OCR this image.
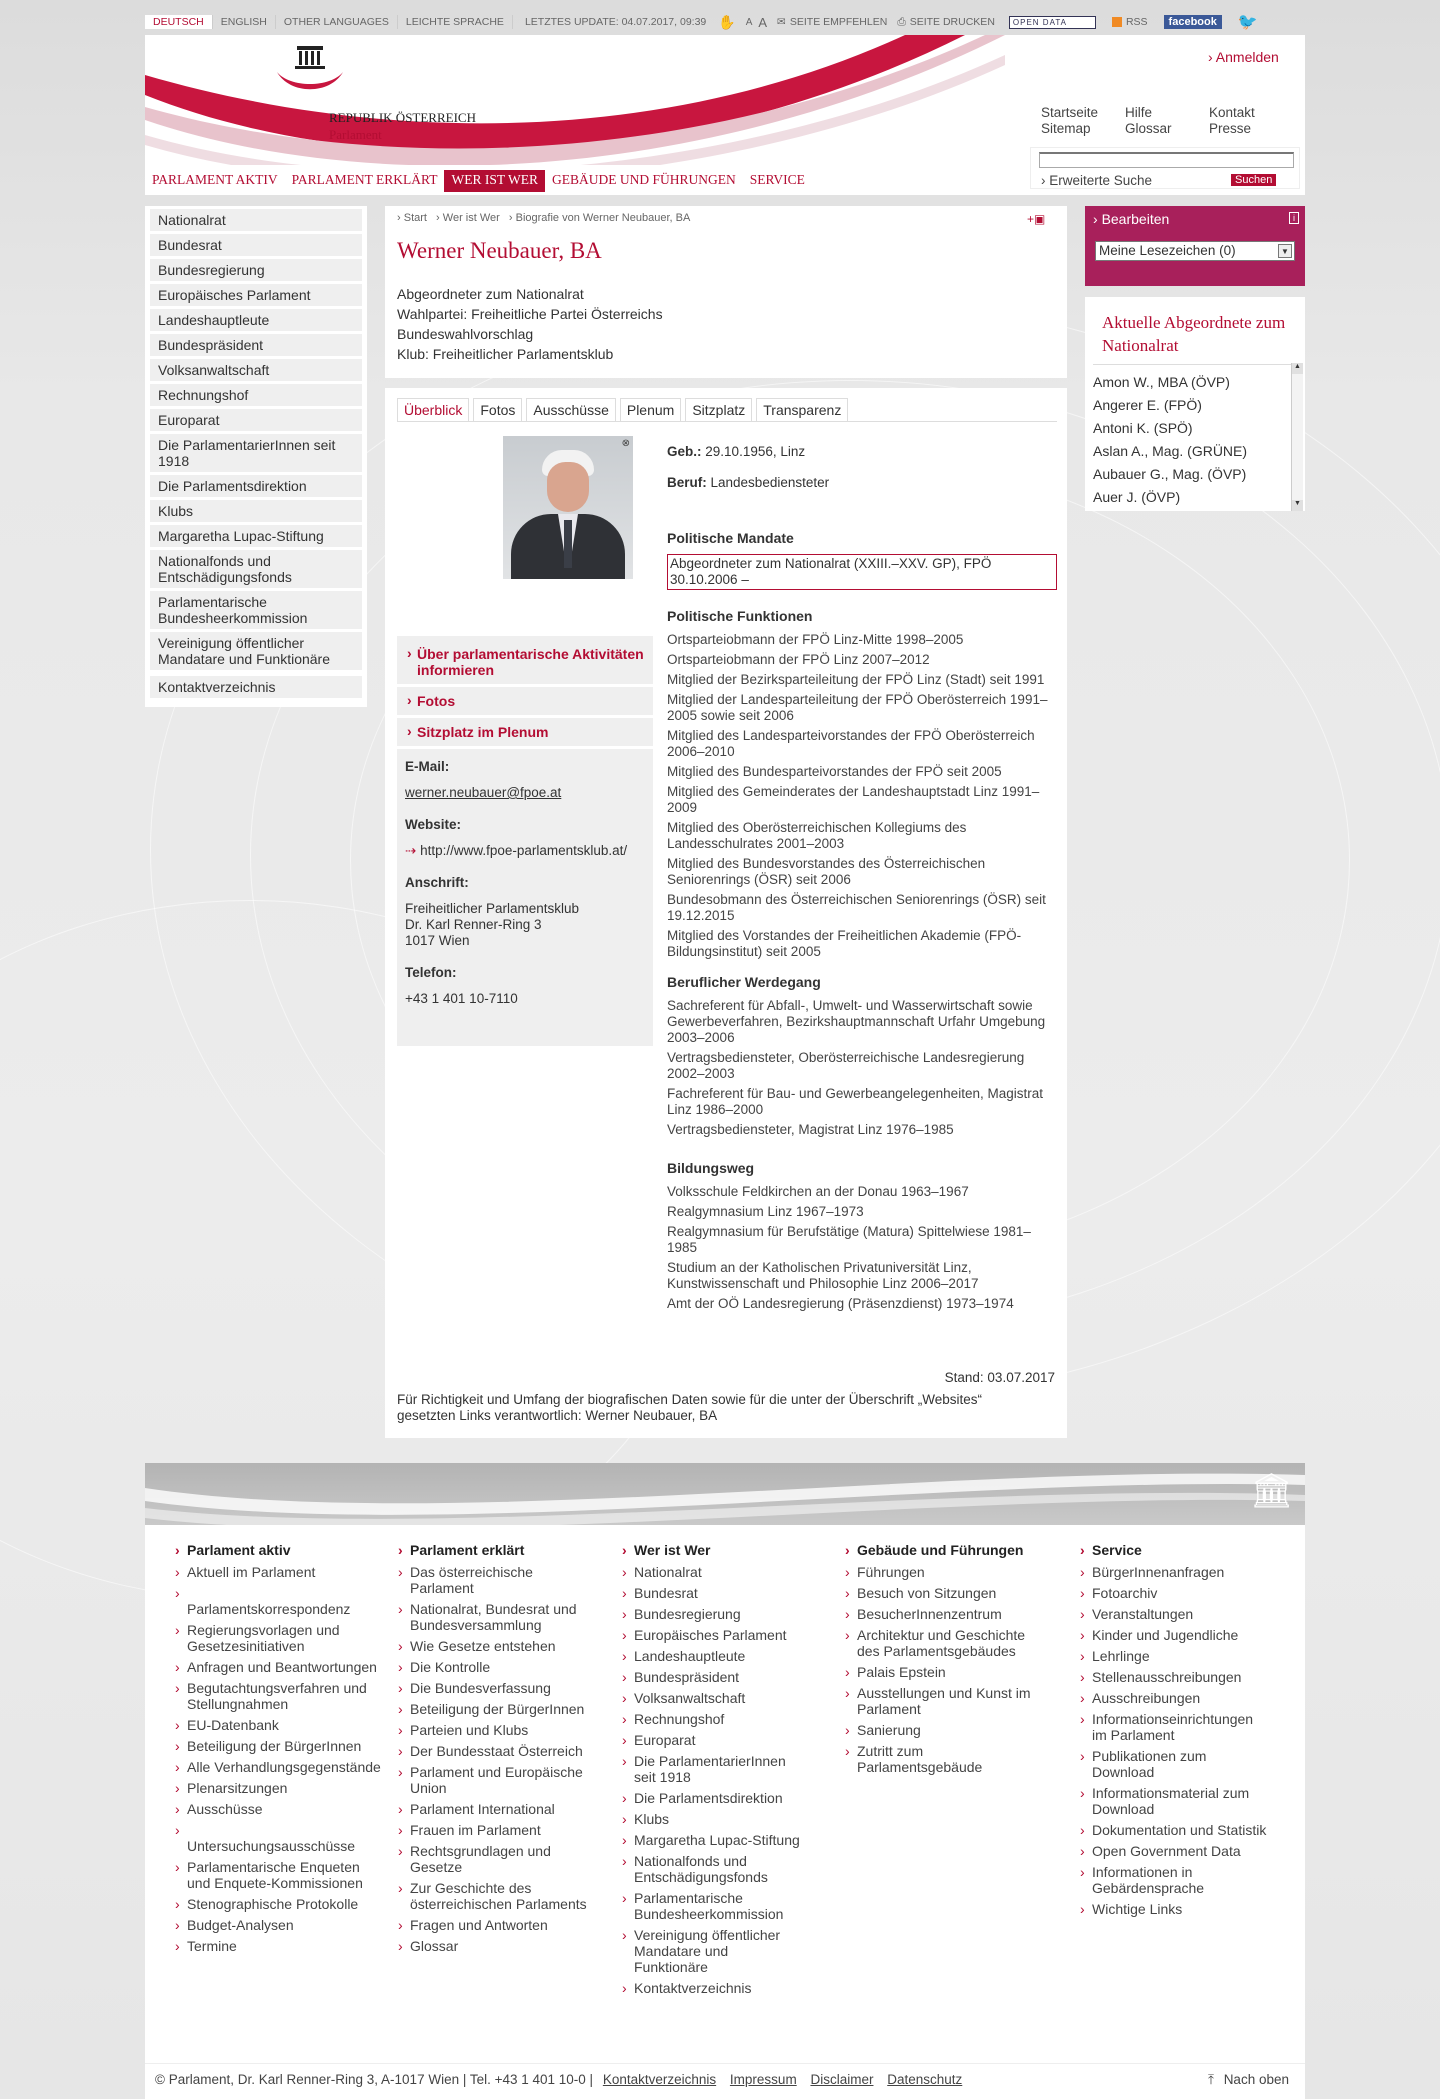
DEUTSCH	ENGLISH	OTHER LANGUAGES	LEICHTE SPRACHE	LETZTES UPDATE: 04.07.2017, 09:39 ✋ A A ✉ SEITE EMPFEHLEN ⎙ SEITE DRUCKEN	OPEN DATA	RSS	facebook	🐦
REPUBLIK ÖSTERREICH
Parlament
› Anmelden
Startseite
Sitemap
Hilfe
Glossar
Kontakt
Presse
› Erweiterte Suche	Suchen
PARLAMENT AKTIV	PARLAMENT ERKLÄRT	WER IST WER	GEBÄUDE UND FÜHRUNGEN	SERVICE
Nationalrat
Bundesrat
Bundesregierung
Europäisches Parlament
Landeshauptleute
Bundespräsident
Volksanwaltschaft
Rechnungshof
Europarat
Die ParlamentarierInnen seit 1918
Die Parlamentsdirektion
Klubs
Margaretha Lupac-Stiftung
Nationalfonds und Entschädigungsfonds
Parlamentarische Bundesheerkommission
Vereinigung öffentlicher Mandatare und Funktionäre
Kontaktverzeichnis
› Start › Wer ist Wer › Biografie von Werner Neubauer, BA	+▣
Werner Neubauer, BA
Abgeordneter zum Nationalrat
Wahlpartei: Freiheitliche Partei Österreichs
Bundeswahlvorschlag
Klub: Freiheitlicher Parlamentsklub
Überblick Fotos Ausschüsse Plenum Sitzplatz Transparenz
⊗
› Über parlamentarische Aktivitäten informieren
› Fotos
› Sitzplatz im Plenum
E-Mail:
werner.neubauer@fpoe.at
Website:
⇢ http://www.fpoe-parlamentsklub.at/
Anschrift:
Freiheitlicher Parlamentsklub
Dr. Karl Renner-Ring 3
1017 Wien
Telefon:
+43 1 401 10-7110
Geb.: 29.10.1956, Linz
Beruf: Landesbediensteter
Politische Mandate
Abgeordneter zum Nationalrat (XXIII.–XXV. GP), FPÖ 30.10.2006 –
Politische Funktionen
Ortsparteiobmann der FPÖ Linz-Mitte 1998–2005
Ortsparteiobmann der FPÖ Linz 2007–2012
Mitglied der Bezirksparteileitung der FPÖ Linz (Stadt) seit 1991
Mitglied der Landesparteileitung der FPÖ Oberösterreich 1991–2005 sowie seit 2006
Mitglied des Landesparteivorstandes der FPÖ Oberösterreich 2006–2010
Mitglied des Bundesparteivorstandes der FPÖ seit 2005
Mitglied des Gemeinderates der Landeshauptstadt Linz 1991–2009
Mitglied des Oberösterreichischen Kollegiums des Landesschulrates 2001–2003
Mitglied des Bundesvorstandes des Österreichischen Seniorenrings (ÖSR) seit 2006
Bundesobmann des Österreichischen Seniorenrings (ÖSR) seit 19.12.2015
Mitglied des Vorstandes der Freiheitlichen Akademie (FPÖ-Bildungsinstitut) seit 2005
Beruflicher Werdegang
Sachreferent für Abfall-, Umwelt- und Wasserwirtschaft sowie Gewerbeverfahren, Bezirkshauptmannschaft Urfahr Umgebung 2003–2006
Vertragsbediensteter, Oberösterreichische Landesregierung 2002–2003
Fachreferent für Bau- und Gewerbeangelegenheiten, Magistrat Linz 1986–2000
Vertragsbediensteter, Magistrat Linz 1976–1985
Bildungsweg
Volksschule Feldkirchen an der Donau 1963–1967
Realgymnasium Linz 1967–1973
Realgymnasium für Berufstätige (Matura) Spittelwiese 1981–1985
Studium an der Katholischen Privatuniversität Linz, Kunstwissenschaft und Philosophie Linz 2006–2017
Amt der OÖ Landesregierung (Präsenzdienst) 1973–1974
Stand: 03.07.2017
Für Richtigkeit und Umfang der biografischen Daten sowie für die unter der Überschrift „Websites“ gesetzten Links verantwortlich: Werner Neubauer, BA
› Bearbeiten	i
Meine Lesezeichen (0)	▼
Aktuelle Abgeordnete zum Nationalrat
Amon W., MBA (ÖVP)
Angerer E. (FPÖ)
Antoni K. (SPÖ)
Aslan A., Mag. (GRÜNE)
Aubauer G., Mag. (ÖVP)
Auer J. (ÖVP)
▲
▼
🏛
› Parlament aktiv
› Aktuell im Parlament
› Parlamentskorrespondenz
› Regierungsvorlagen und Gesetzesinitiativen
› Anfragen und Beantwortungen
› Begutachtungsverfahren und Stellungnahmen
› EU-Datenbank
› Beteiligung der BürgerInnen
› Alle Verhandlungsgegenstände
› Plenarsitzungen
› Ausschüsse
› Untersuchungsausschüsse
› Parlamentarische Enqueten und Enquete-Kommissionen
› Stenographische Protokolle
› Budget-Analysen
› Termine
› Parlament erklärt
› Das österreichische Parlament
› Nationalrat, Bundesrat und Bundesversammlung
› Wie Gesetze entstehen
› Die Kontrolle
› Die Bundesverfassung
› Beteiligung der BürgerInnen
› Parteien und Klubs
› Der Bundesstaat Österreich
› Parlament und Europäische Union
› Parlament International
› Frauen im Parlament
› Rechtsgrundlagen und Gesetze
› Zur Geschichte des österreichischen Parlaments
› Fragen und Antworten
› Glossar
› Wer ist Wer
› Nationalrat
› Bundesrat
› Bundesregierung
› Europäisches Parlament
› Landeshauptleute
› Bundespräsident
› Volksanwaltschaft
› Rechnungshof
› Europarat
› Die ParlamentarierInnen seit 1918
› Die Parlamentsdirektion
› Klubs
› Margaretha Lupac-Stiftung
› Nationalfonds und Entschädigungsfonds
› Parlamentarische Bundesheerkommission
› Vereinigung öffentlicher Mandatare und Funktionäre
› Kontaktverzeichnis
› Gebäude und Führungen
› Führungen
› Besuch von Sitzungen
› BesucherInnenzentrum
› Architektur und Geschichte des Parlamentsgebäudes
› Palais Epstein
› Ausstellungen und Kunst im Parlament
› Sanierung
› Zutritt zum Parlamentsgebäude
› Service
› BürgerInnenanfragen
› Fotoarchiv
› Veranstaltungen
› Kinder und Jugendliche
› Lehrlinge
› Stellenausschreibungen
› Ausschreibungen
› Informationseinrichtungen im Parlament
› Publikationen zum Download
› Informationsmaterial zum Download
› Dokumentation und Statistik
› Open Government Data
› Informationen in Gebärdensprache
› Wichtige Links
© Parlament, Dr. Karl Renner-Ring 3, A-1017 Wien | Tel. +43 1 401 10-0 | Kontaktverzeichnis Impressum Disclaimer Datenschutz	⤒ Nach oben
